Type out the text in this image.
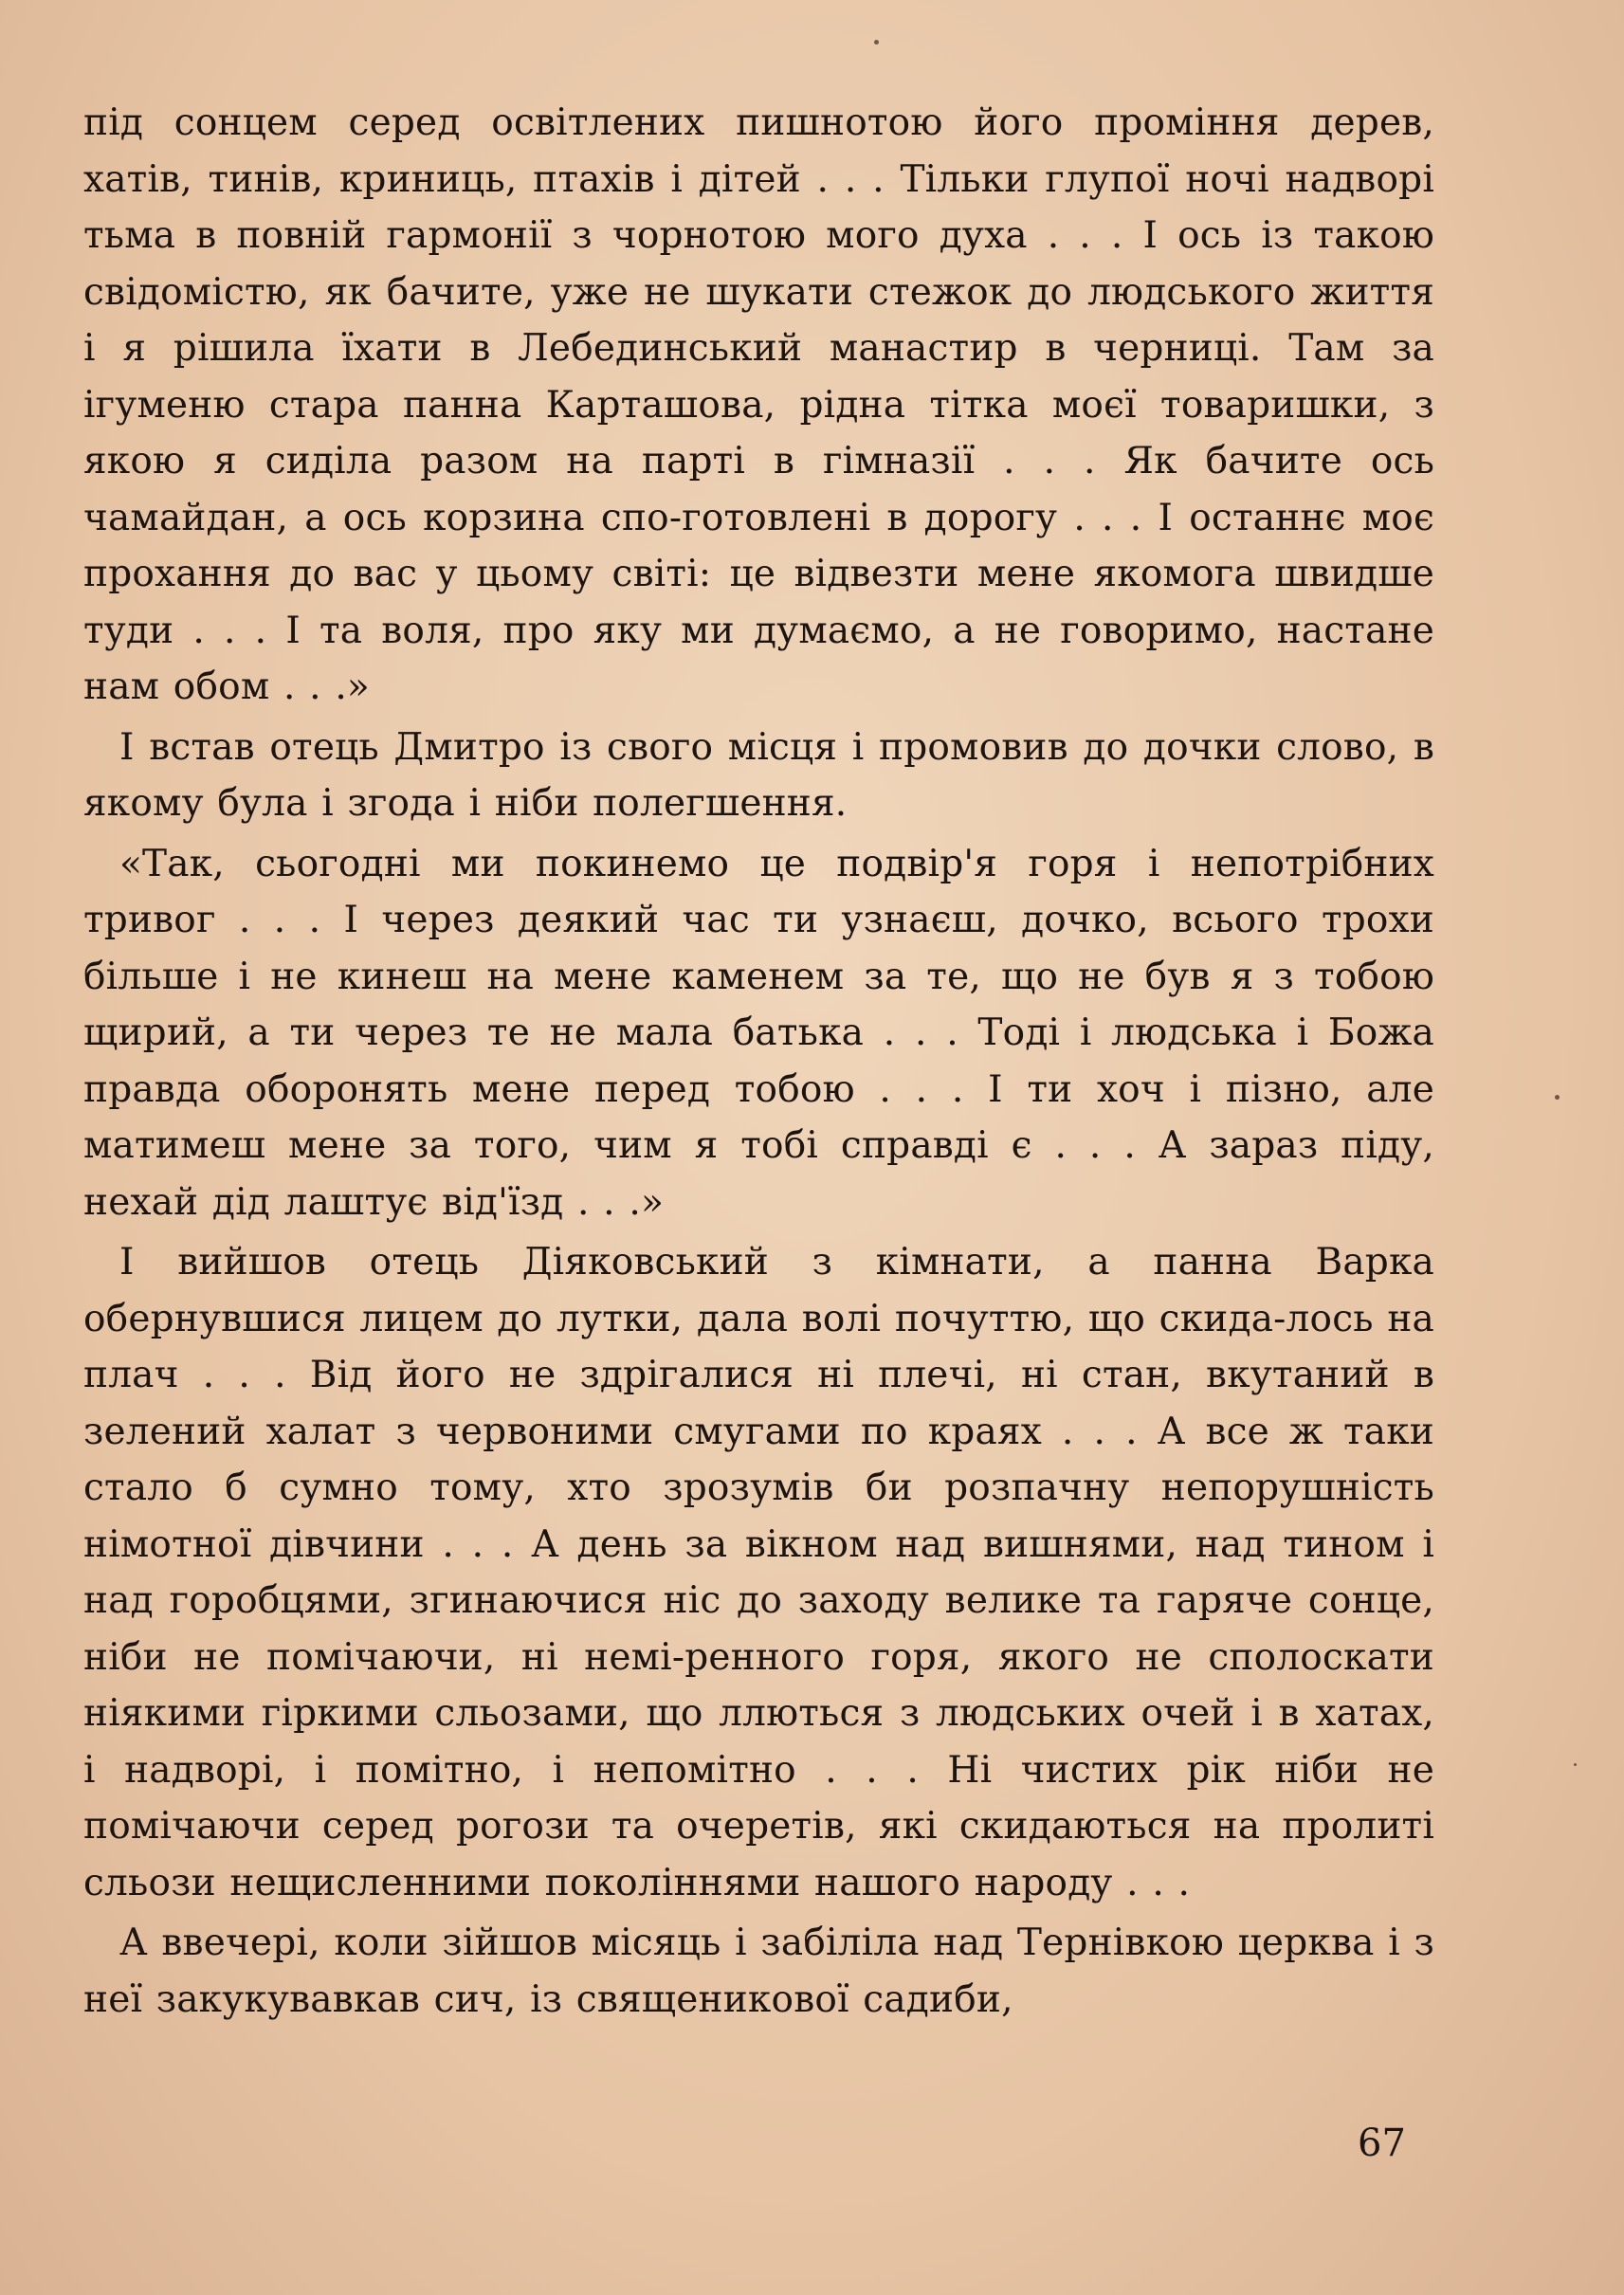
під сонцем серед освітлених пишнотою його проміння дерев, хатів, тинів, криниць, птахів і дітей . . . Тільки глупої ночі надворі тьма в повній гармонії з чорнотою мого духа . . . І ось із такою свідомістю, як бачите, уже не шукати стежок до людського життя і я рішила їхати в Лебединський манастир в черниці. Там за ігуменю стара панна Карташова, рідна тітка моєї товаришки, з якою я сиділа разом на парті в гімназії . . . Як бачите ось чамайдан, а ось корзина спо-готовлені в дорогу . . . І останнє моє прохання до вас у цьому світі: це відвезти мене якомога швидше туди . . . І та воля, про яку ми думаємо, а не говоримо, настане нам обом . . .»

І встав отець Дмитро із свого місця і промовив до дочки слово, в якому була і згода і ніби полегшення.

«Так, сьогодні ми покинемо це подвір'я горя і непотрібних тривог . . . І через деякий час ти узнаєш, дочко, всього трохи більше і не кинеш на мене каменем за те, що не був я з тобою щирий, а ти через те не мала батька . . . Тоді і людська і Божа правда оборонять мене перед тобою . . . І ти хоч і пізно, але матимеш мене за того, чим я тобі справді є . . . А зараз піду, нехай дід лаштує від'їзд . . .»

І вийшов отець Діяковський з кімнати, а панна Варка обернувшися лицем до лутки, дала волі почуттю, що скида-лось на плач . . . Від його не здрігалися ні плечі, ні стан, вкутаний в зелений халат з червоними смугами по краях . . . А все ж таки стало б сумно тому, хто зрозумів би розпачну непорушність німотної дівчини . . . А день за вікном над вишнями, над тином і над горобцями, згинаючися ніс до заходу велике та гаряче сонце, ніби не помічаючи, ні немі-ренного горя, якого не сполоскати ніякими гіркими сльозами, що ллються з людських очей і в хатах, і надворі, і помітно, і непомітно . . . Ні чистих рік ніби не помічаючи серед рогози та очеретів, які скидаються на пролиті сльози нещисленними поколіннями нашого народу . . .

А ввечері, коли зійшов місяць і забіліла над Тернівкою церква і з неї закукувавкав сич, із священикової садиби,

67
